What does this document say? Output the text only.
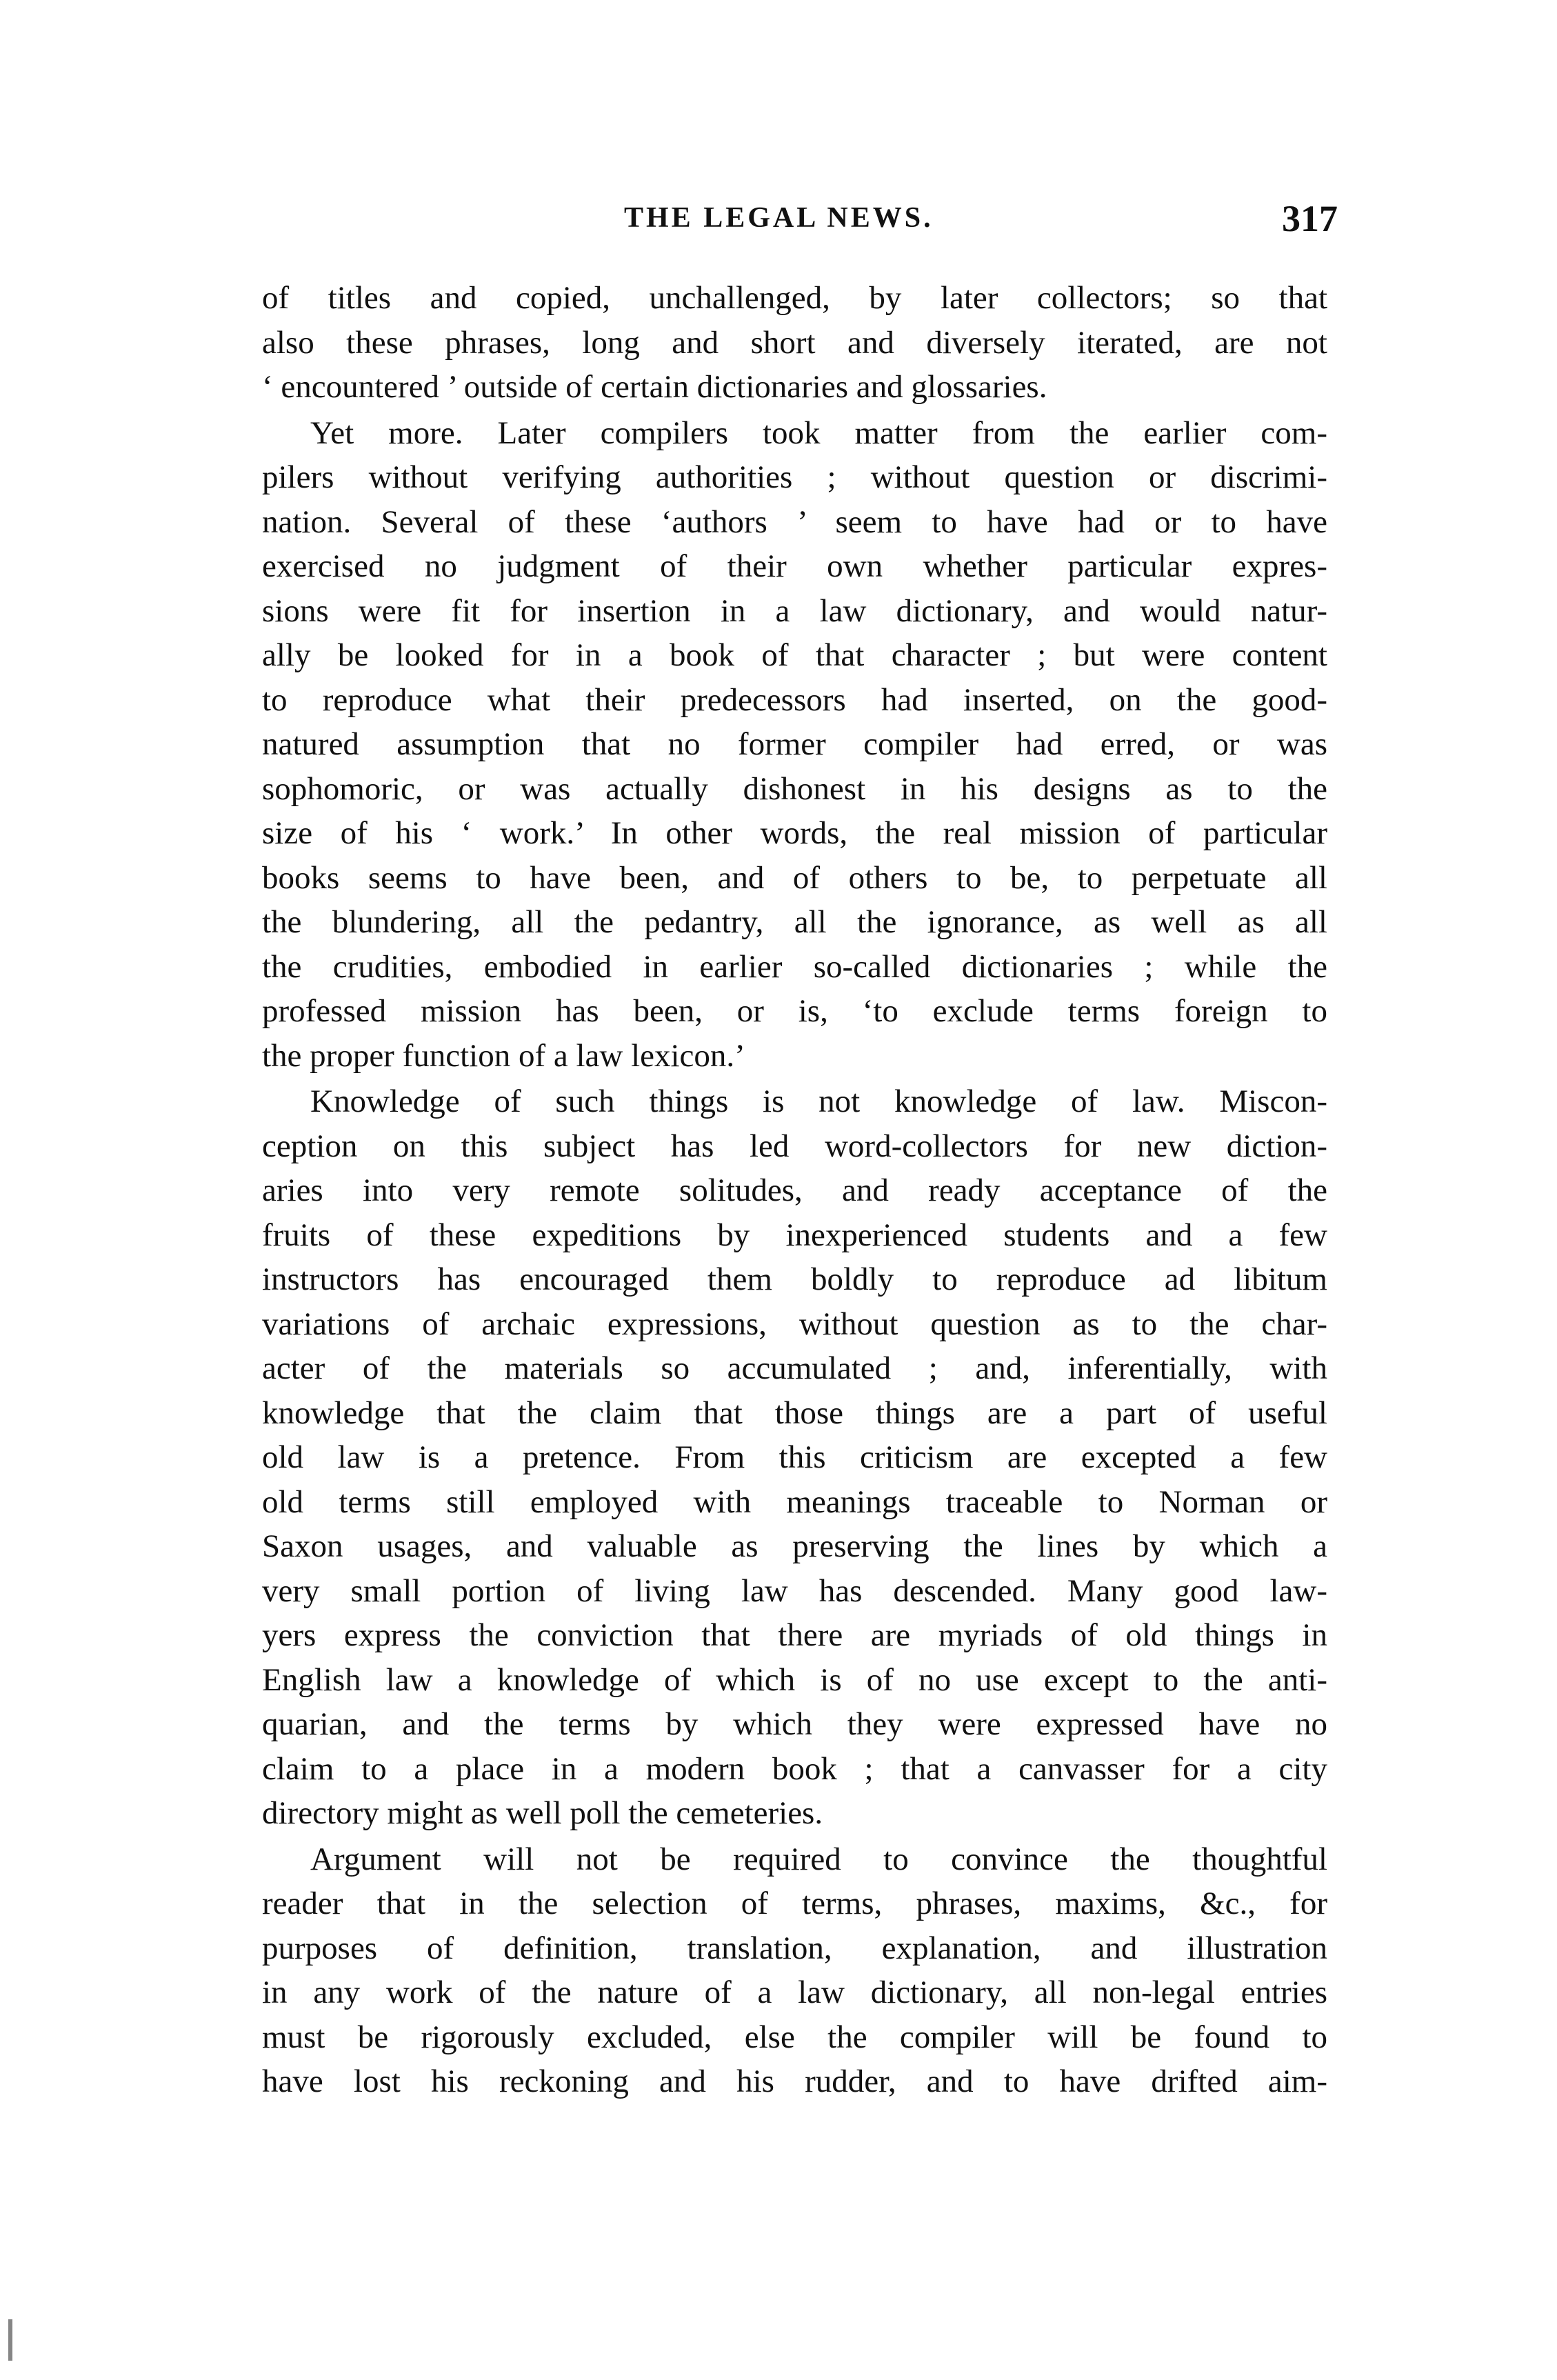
THE LEGAL NEWS.	317
of titles and copied, unchallenged, by later collectors; so that
also these phrases, long and short and diversely iterated, are not
‘ encountered ’ outside of certain dictionaries and glossaries.
Yet more. Later compilers took matter from the earlier com-
pilers without verifying authorities ; without question or discrimi-
nation. Several of these ‘authors ’ seem to have had or to have
exercised no judgment of their own whether particular expres-
sions were fit for insertion in a law dictionary, and would natur-
ally be looked for in a book of that character ; but were content
to reproduce what their predecessors had inserted, on the good-
natured assumption that no former compiler had erred, or was
sophomoric, or was actually dishonest in his designs as to the
size of his ‘ work.’ In other words, the real mission of particular
books seems to have been, and of others to be, to perpetuate all
the blundering, all the pedantry, all the ignorance, as well as all
the crudities, embodied in earlier so-called dictionaries ; while the
professed mission has been, or is, ‘to exclude terms foreign to
the proper function of a law lexicon.’
Knowledge of such things is not knowledge of law. Miscon-
ception on this subject has led word-collectors for new diction-
aries into very remote solitudes, and ready acceptance of the
fruits of these expeditions by inexperienced students and a few
instructors has encouraged them boldly to reproduce ad libitum
variations of archaic expressions, without question as to the char-
acter of the materials so accumulated ; and, inferentially, with
knowledge that the claim that those things are a part of useful
old law is a pretence. From this criticism are excepted a few
old terms still employed with meanings traceable to Norman or
Saxon usages, and valuable as preserving the lines by which a
very small portion of living law has descended. Many good law-
yers express the conviction that there are myriads of old things in
English law a knowledge of which is of no use except to the anti-
quarian, and the terms by which they were expressed have no
claim to a place in a modern book ; that a canvasser for a city
directory might as well poll the cemeteries.
Argument will not be required to convince the thoughtful
reader that in the selection of terms, phrases, maxims, &c., for
purposes of definition, translation, explanation, and illustration
in any work of the nature of a law dictionary, all non-legal entries
must be rigorously excluded, else the compiler will be found to
have lost his reckoning and his rudder, and to have drifted aim-
